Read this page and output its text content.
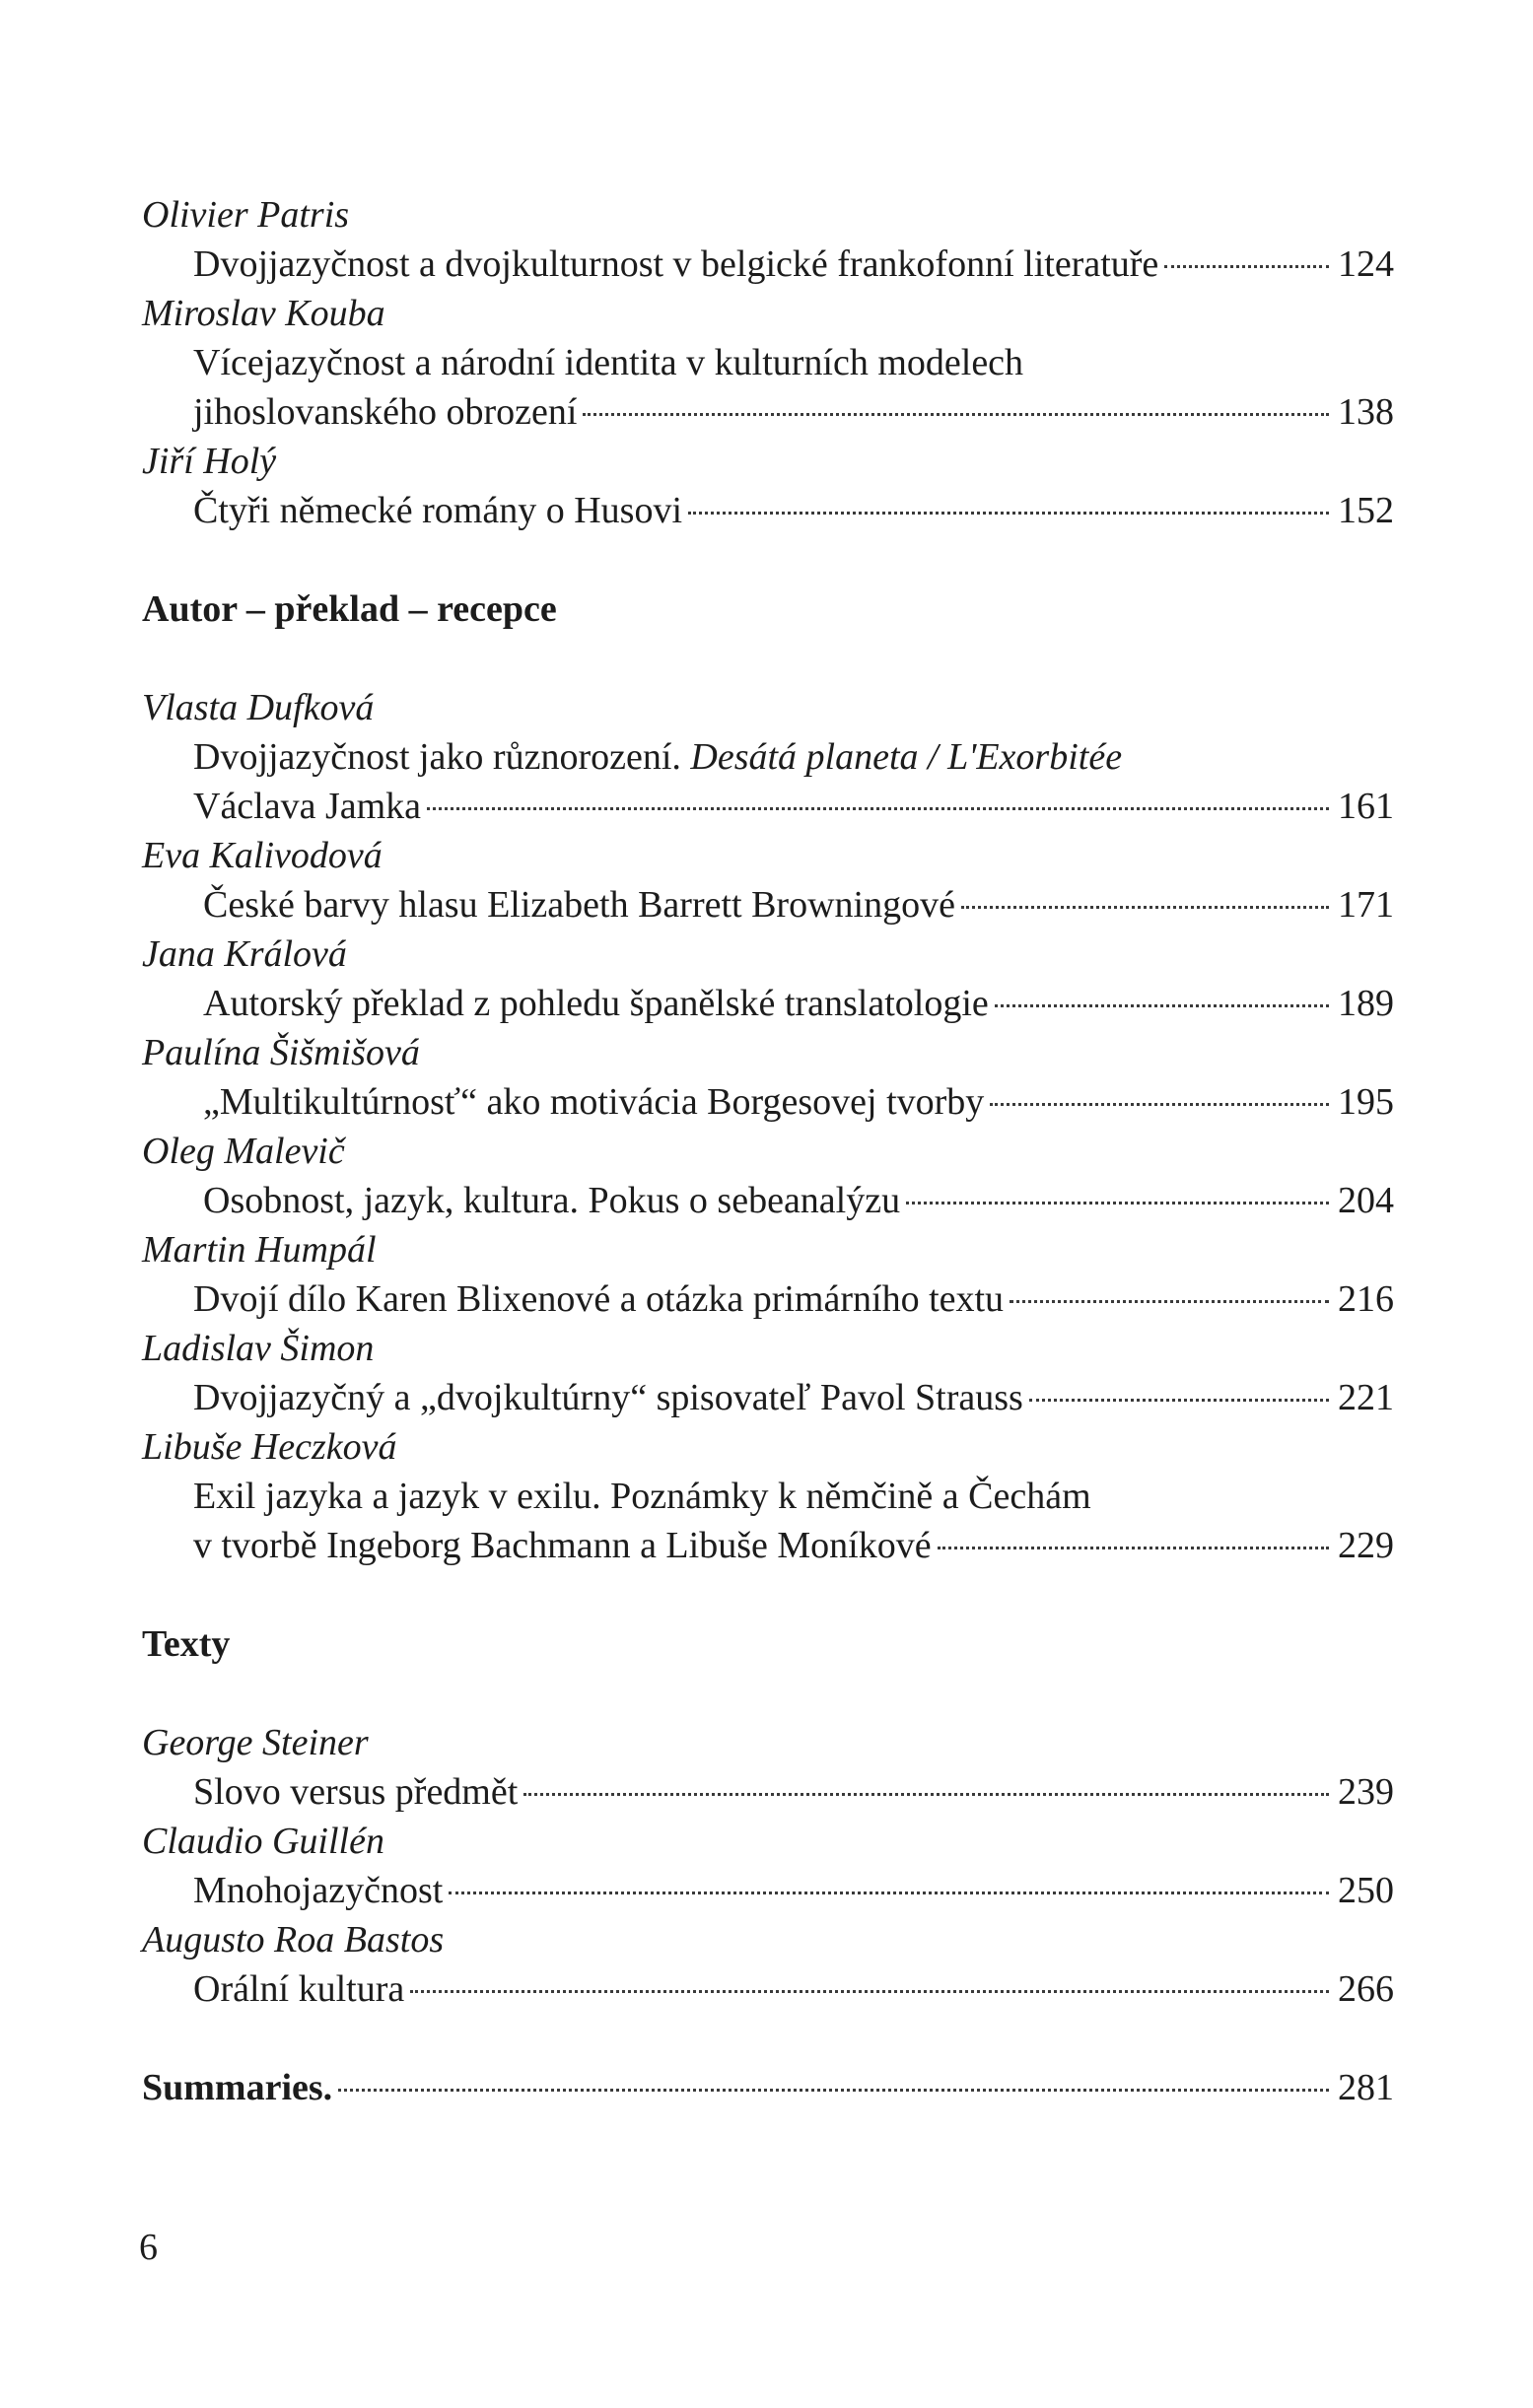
Olivier Patris
Dvojjazyčnost a dvojkulturnost v belgické frankofonní literatuře	124
Miroslav Kouba
Vícejazyčnost a národní identita v kulturních modelech
jihoslovanského obrození	138
Jiří Holý
Čtyři německé romány o Husovi	152
Autor – překlad – recepce
Vlasta Dufková
Dvojjazyčnost jako různorození. Desátá planeta / L'Exorbitée
Václava Jamka	161
Eva Kalivodová
České barvy hlasu Elizabeth Barrett Browningové	171
Jana Králová
Autorský překlad z pohledu španělské translatologie	189
Paulína Šišmišová
„Multikultúrnosť“ ako motivácia Borgesovej tvorby	195
Oleg Malevič
Osobnost, jazyk, kultura. Pokus o sebeanalýzu	204
Martin Humpál
Dvojí dílo Karen Blixenové a otázka primárního textu	216
Ladislav Šimon
Dvojjazyčný a „dvojkultúrny“ spisovateľ Pavol Strauss	221
Libuše Heczková
Exil jazyka a jazyk v exilu. Poznámky k němčině a Čechám
v tvorbě Ingeborg Bachmann a Libuše Moníkové	229
Texty
George Steiner
Slovo versus předmět	239
Claudio Guillén
Mnohojazyčnost	250
Augusto Roa Bastos
Orální kultura	266
Summaries.	281
6
